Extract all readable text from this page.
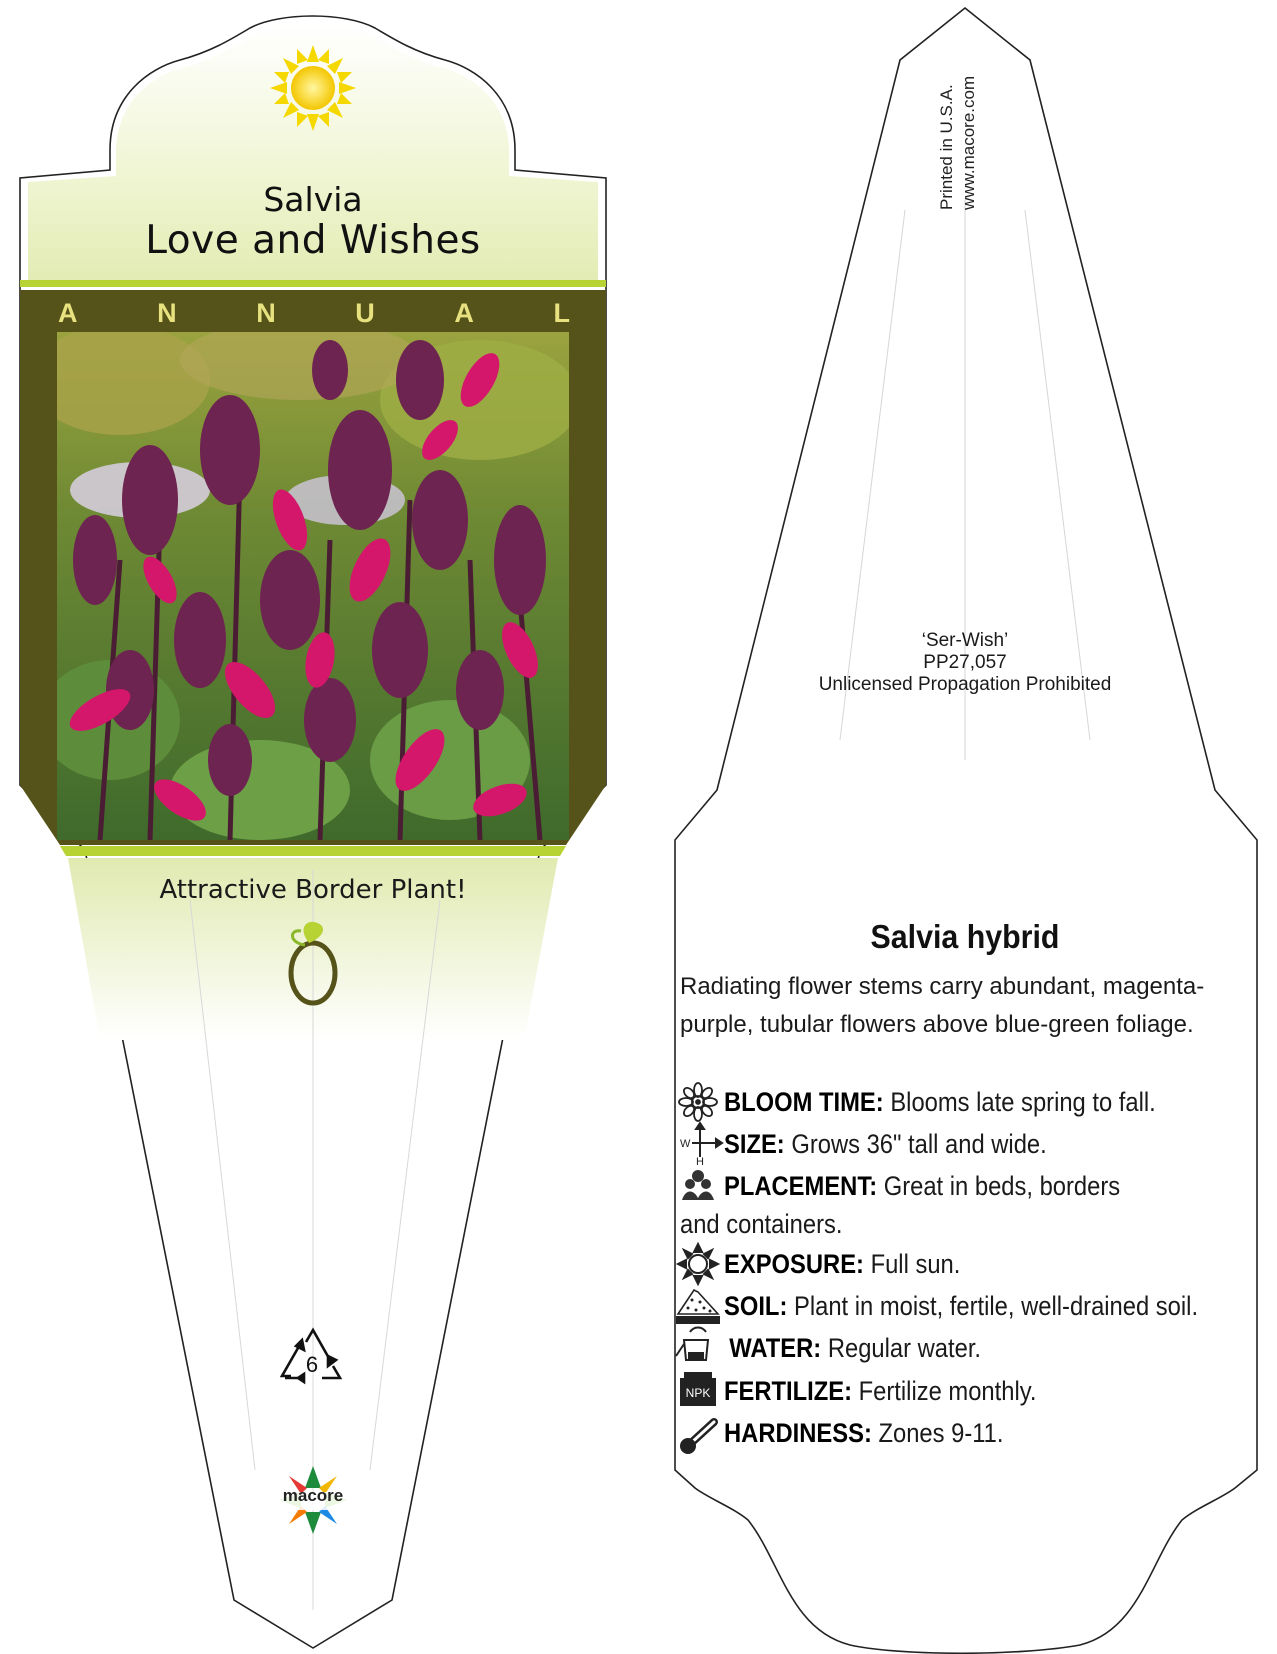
W
H
NPK
Salvia
Love and Wishes
A	N	N	U	A	L
Attractive Border Plant!
6
macore
Printed in U.S.A. www.macore.com
‘Ser-Wish’
PP27,057
Unlicensed Propagation Prohibited
Salvia hybrid
Radiating flower stems carry abundant, magenta-purple, tubular flowers above blue-green foliage.
BLOOM TIME: Blooms late spring to fall.
SIZE: Grows 36" tall and wide.
PLACEMENT: Great in beds, borders and containers.
EXPOSURE: Full sun.
SOIL: Plant in moist, fertile, well-drained soil.
WATER: Regular water.
FERTILIZE: Fertilize monthly.
HARDINESS: Zones 9-11.
